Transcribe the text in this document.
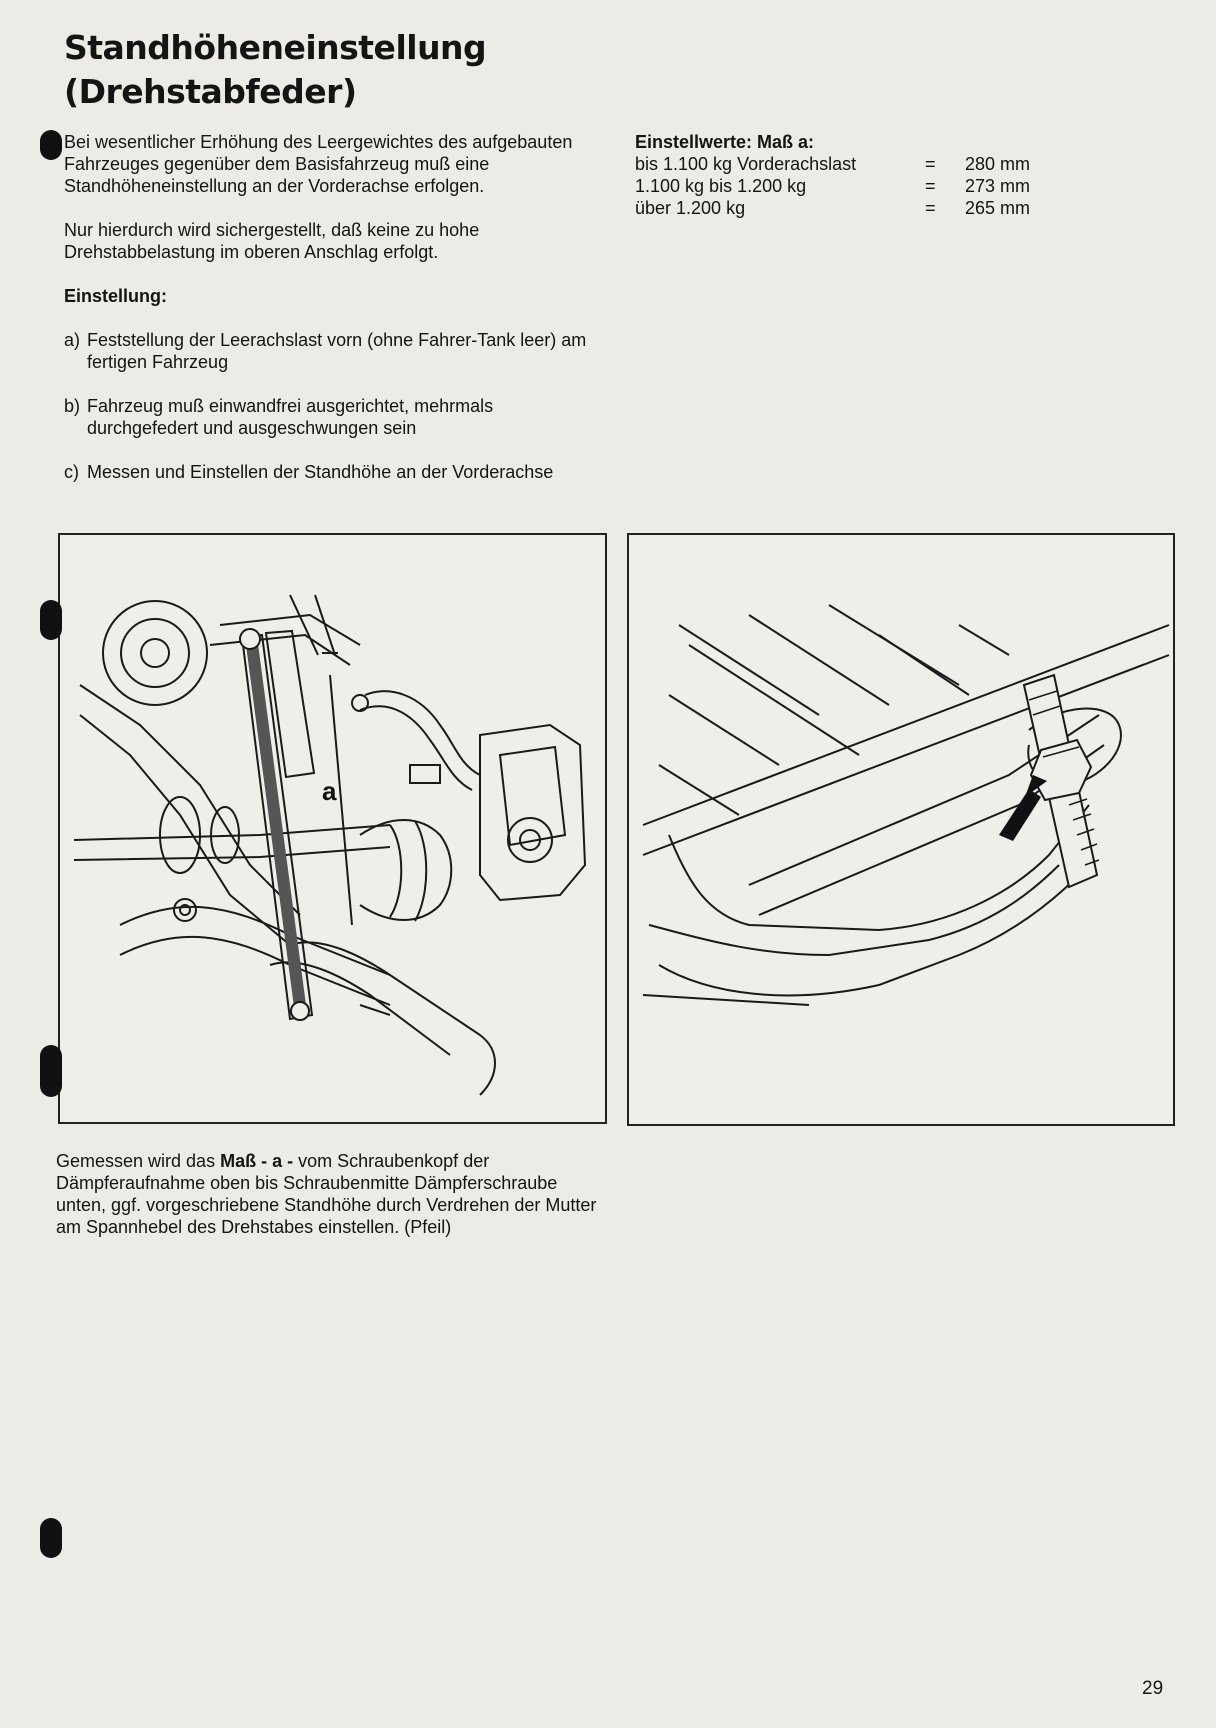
Standhöheneinstellung
(Drehstabfeder)

Bei wesentlicher Erhöhung des Leergewichtes des aufgebauten Fahrzeuges gegenüber dem Basisfahrzeug muß eine Standhöheneinstellung an der Vorderachse erfolgen.

Nur hierdurch wird sichergestellt, daß keine zu hohe Drehstabbelastung im oberen Anschlag erfolgt.

Einstellung:

a) Feststellung der Leerachslast vorn (ohne Fahrer-Tank leer) am fertigen Fahrzeug
b) Fahrzeug muß einwandfrei ausgerichtet, mehrmals durchgefedert und ausgeschwungen sein
c) Messen und Einstellen der Standhöhe an der Vorderachse
Einstellwerte: Maß a:
bis 1.100 kg Vorderachslast	=	280 mm
1.100 kg bis 1.200 kg	=	273 mm
über 1.200 kg	=	265 mm
a
Gemessen wird das Maß - a - vom Schraubenkopf der Dämpferaufnahme oben bis Schraubenmitte Dämpferschraube unten, ggf. vorgeschriebene Standhöhe durch Verdrehen der Mutter am Spannhebel des Drehstabes einstellen. (Pfeil)
29
